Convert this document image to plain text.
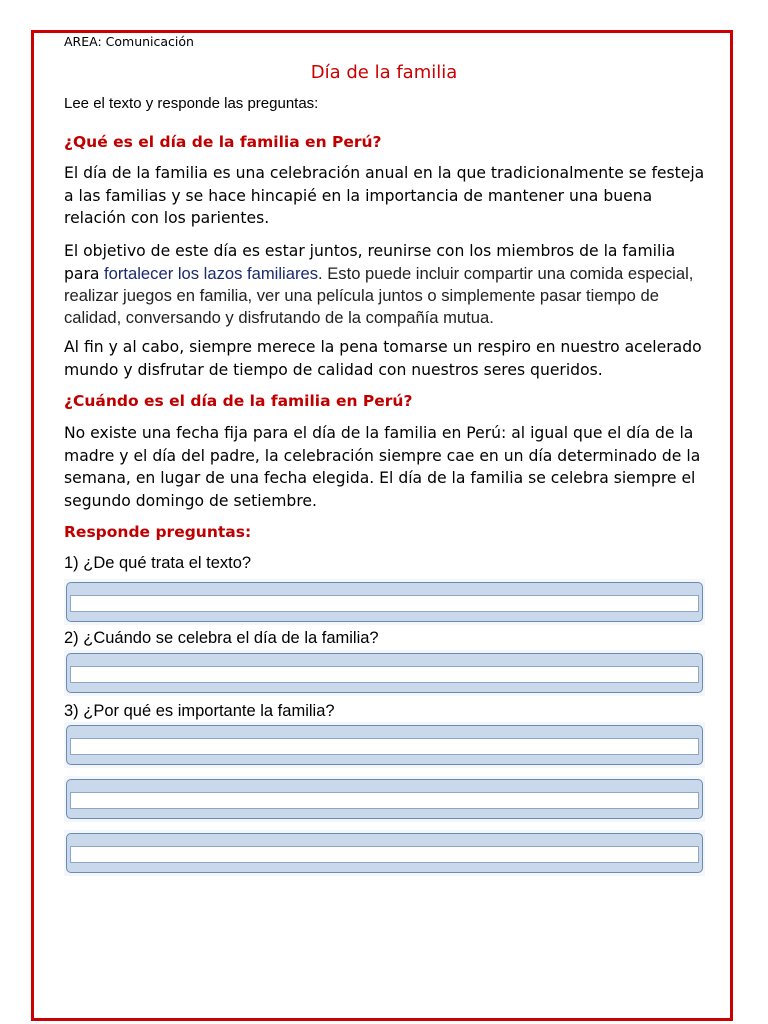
AREA: Comunicación
Día de la familia
Lee el texto y responde las preguntas:
¿Qué es el día de la familia en Perú?
El día de la familia es una celebración anual en la que tradicionalmente se festeja a las familias y se hace hincapié en la importancia de mantener una buena relación con los parientes.
El objetivo de este día es estar juntos, reunirse con los miembros de la familia para fortalecer los lazos familiares. Esto puede incluir compartir una comida especial, realizar juegos en familia, ver una película juntos o simplemente pasar tiempo de calidad, conversando y disfrutando de la compañía mutua.
Al fin y al cabo, siempre merece la pena tomarse un respiro en nuestro acelerado mundo y disfrutar de tiempo de calidad con nuestros seres queridos.
¿Cuándo es el día de la familia en Perú?
No existe una fecha fija para el día de la familia en Perú: al igual que el día de la madre y el día del padre, la celebración siempre cae en un día determinado de la semana, en lugar de una fecha elegida. El día de la familia se celebra siempre el segundo domingo de setiembre.
Responde preguntas:
1) ¿De qué trata el texto?
2) ¿Cuándo se celebra el día de la familia?
3) ¿Por qué es importante la familia?
